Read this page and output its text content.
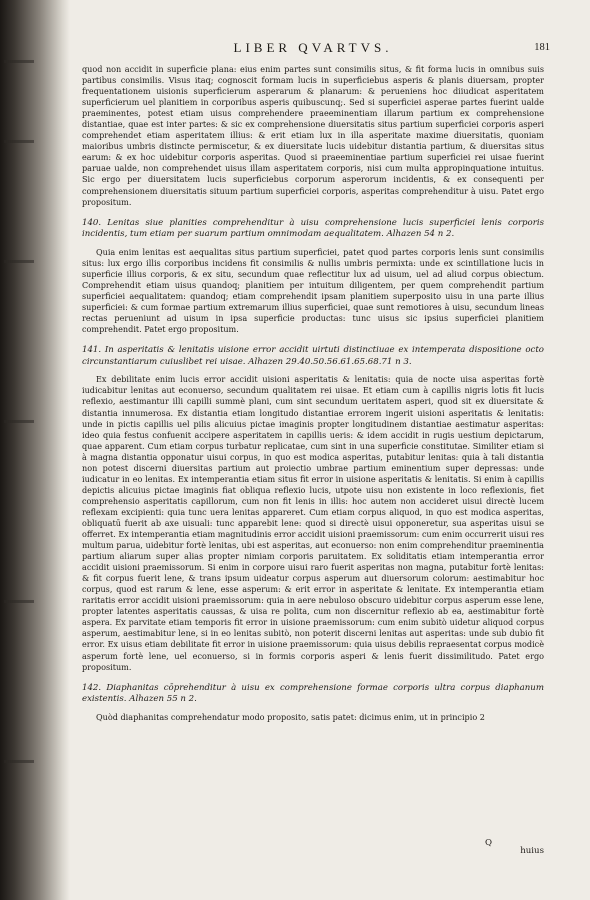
LIBER QVARTVS.	181

quod non accidit in superficie plana: eius enim partes sunt consimilis situs, & fit forma lucis in omnibus suis partibus consimilis. Visus itaq; cognoscit formam lucis in superficiebus asperis & planis diuersam, propter frequentationem uisionis superficierum asperarum & planarum: & perueniens hoc diiudicat asperitatem superficierum uel planitiem in corporibus asperis quibuscunq;. Sed si superficiei asperae partes fuerint ualde praeminentes, potest etiam uisus comprehendere praeeminentiam illarum partium ex comprehensione distantiae, quae est inter partes: & sic ex comprehensione diuersitatis situs partium superficiei corporis asperi comprehendet etiam asperitatem illius: & erit etiam lux in illa asperitate maxime diuersitatis, quoniam maioribus umbris distincte permiscetur, & ex diuersitate lucis uidebitur distantia partium, & diuersitas situs earum: & ex hoc uidebitur corporis asperitas. Quod si praeeminentiae partium superficiei rei uisae fuerint paruae ualde, non comprehendet uisus illam asperitatem corporis, nisi cum multa appropinquatione intuitus. Sic ergo per diuersitatem lucis superficiebus corporum asperorum incidentis, & ex consequenti per comprehensionem diuersitatis situum partium superficiei corporis, asperitas comprehenditur à uisu. Patet ergo propositum.

140. Lenitas siue planities comprehenditur à uisu comprehensione lucis superficiei lenis corporis incidentis, tum etiam per suarum partium omnimodam aequalitatem. Alhazen 54 n 2.

Quia enim lenitas est aequalitas situs partium superficiei, patet quod partes corporis lenis sunt consimilis situs: lux ergo illis corporibus incidens fit consimilis & nullis umbris permixta: unde ex scintillatione lucis in superficie illius corporis, & ex situ, secundum quae reflectitur lux ad uisum, uel ad aliud corpus obiectum. Comprehendit etiam uisus quandoq; planitiem per intuitum diligentem, per quem comprehendit partium superficiei aequalitatem: quandoq; etiam comprehendit ipsam planitiem superposito uisu in una parte illius superficiei: & cum formae partium extremarum illius superficiei, quae sunt remotiores à uisu, secundum lineas rectas perueniunt ad uisum in ipsa superficie productas: tunc uisus sic ipsius superficiei planitiem comprehendit. Patet ergo propositum.

141. In asperitatis & lenitatis uisione error accidit uirtuti distinctiuae ex intemperata dispositione octo circunstantiarum cuiuslibet rei uisae. Alhazen 29.40.50.56.61.65.68.71 n 3.

Ex debilitate enim lucis error accidit uisioni asperitatis & lenitatis: quia de nocte uisa asperitas fortè iudicabitur lenitas aut econuerso, secundum qualitatem rei uisae. Et etiam cum à capillis nigris lotis fit lucis reflexio, aestimantur illi capilli summè plani, cum sint secundum ueritatem asperi, quod sit ex diuersitate & distantia innumerosa. Ex distantia etiam longitudo distantiae errorem ingerit uisioni asperitatis & lenitatis: unde in pictis capillis uel pilis alicuius pictae imaginis propter longitudinem distantiae aestimatur asperitas: ideo quia festus confuenit accipere asperitatem in capillis ueris: & idem accidit in rugis uestium depictarum, quae apparent. Cum etiam corpus turbatur replicatae, cum sint in una superficie constitutae. Similiter etiam si à magna distantia opponatur uisui corpus, in quo est modica asperitas, putabitur lenitas: quia à tali distantia non potest discerni diuersitas partium aut proiectio umbrae partium eminentium super depressas: unde iudicatur in eo lenitas. Ex intemperantia etiam situs fit error in uisione asperitatis & lenitatis. Si enim à capillis depictis alicuius pictae imaginis fiat obliqua reflexio lucis, utpote uisu non existente in loco reflexionis, fiet comprehensio asperitatis capillorum, cum non fit lenis in illis: hoc autem non accideret uisui directè lucem reflexam excipienti: quia tunc uera lenitas appareret. Cum etiam corpus aliquod, in quo est modica asperitas, obliquatū fuerit ab axe uisuali: tunc apparebit lene: quod si directè uisui opponeretur, sua asperitas uisui se offerret. Ex intemperantia etiam magnitudinis error accidit uisioni praemissorum: cum enim occurrerit uisui res multum parua, uidebitur fortè lenitas, ubi est asperitas, aut econuerso: non enim comprehenditur praeminentia partium aliarum super alias propter nimiam corporis paruitatem. Ex soliditatis etiam intemperantia error accidit uisioni praemissorum. Si enim in corpore uisui raro fuerit asperitas non magna, putabitur fortè lenitas: & fit corpus fuerit lene, & trans ipsum uideatur corpus asperum aut diuersorum colorum: aestimabitur hoc corpus, quod est rarum & lene, esse asperum: & erit error in asperitate & lenitate. Ex intemperantia etiam raritatis error accidit uisioni praemissorum: quia in aere nebuloso obscuro uidebitur corpus asperum esse lene, propter latentes asperitatis caussas, & uisa re polita, cum non discernitur reflexio ab ea, aestimabitur fortè aspera. Ex parvitate etiam temporis fit error in uisione praemissorum: cum enim subitò uidetur aliquod corpus asperum, aestimabitur lene, si in eo lenitas subitò, non poterit discerni lenitas aut asperitas: unde sub dubio fit error. Ex uisus etiam debilitate fit error in uisione praemissorum: quia uisus debilis repraesentat corpus modicè asperum fortè lene, uel econuerso, si in formis corporis asperi & lenis fuerit dissimilitudo. Patet ergo propositum.

142. Diaphanitas cōprehenditur à uisu ex comprehensione formae corporis ultra corpus diaphanum existentis. Alhazen 55 n 2.

Quòd diaphanitas comprehendatur modo proposito, satis patet: dicimus enim, ut in principio 2

Q
huius
